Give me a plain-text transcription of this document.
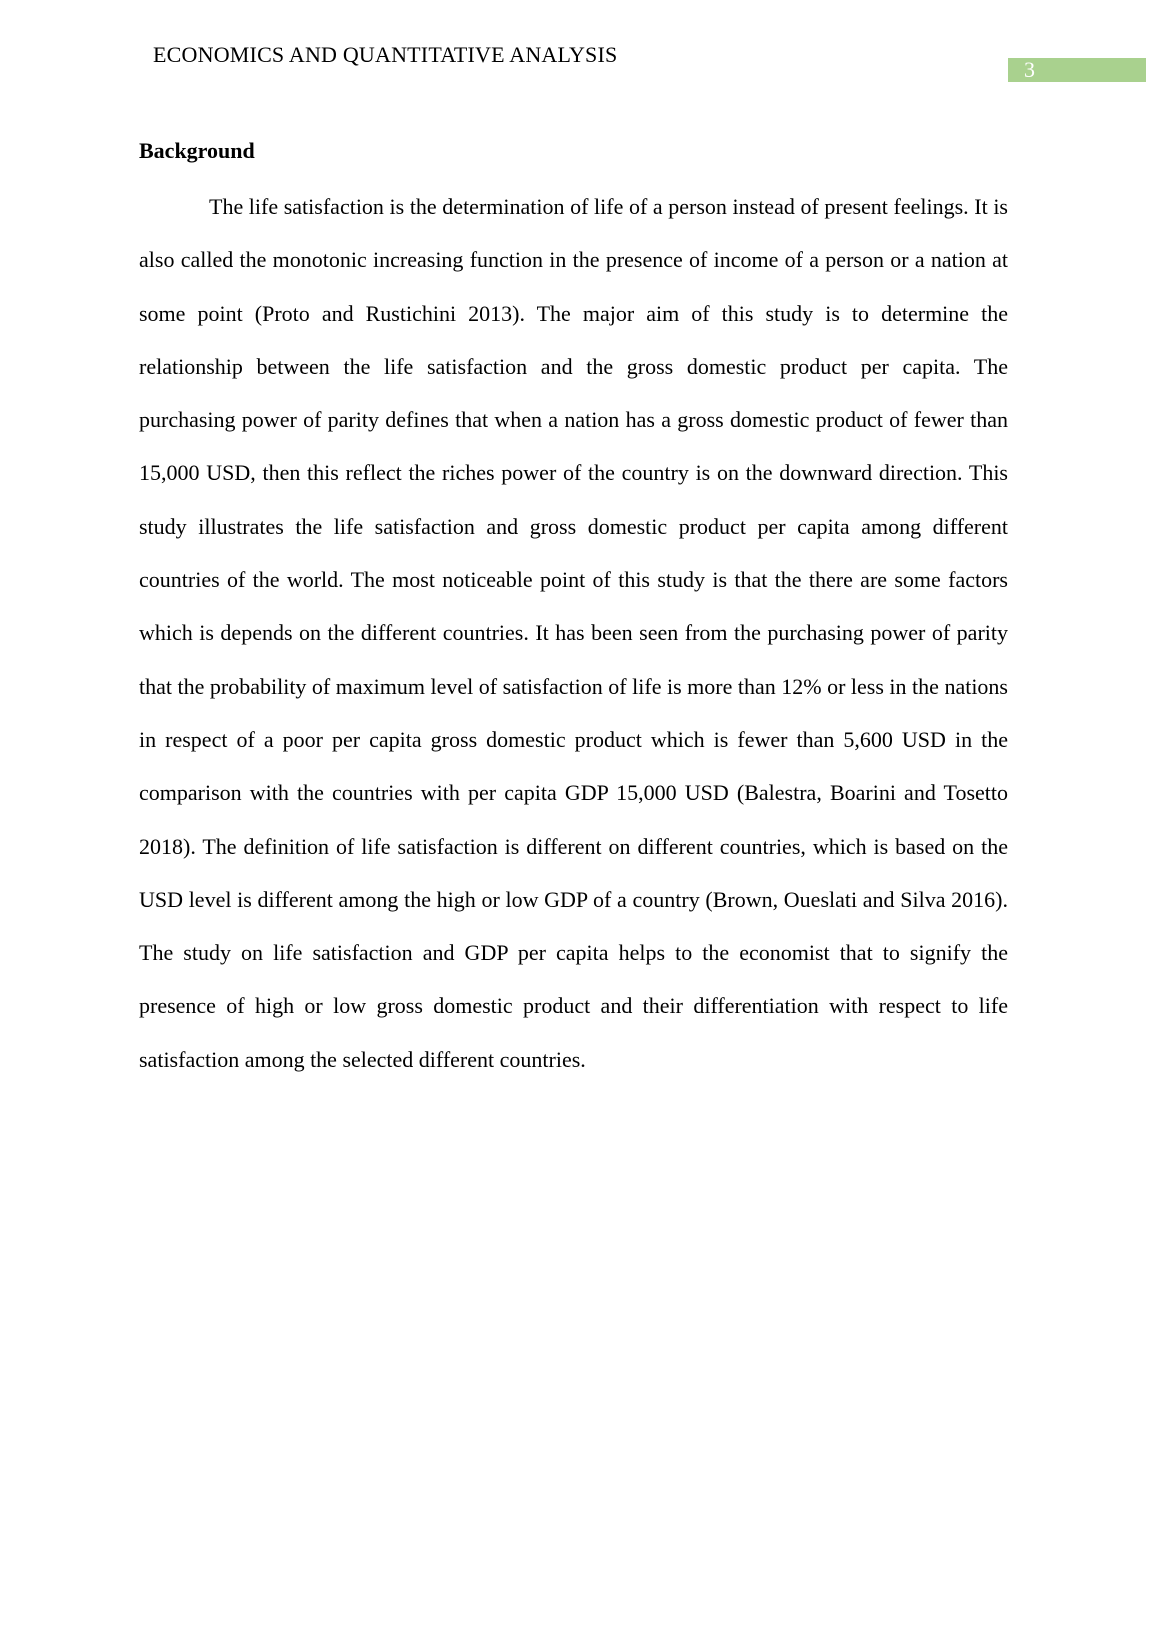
ECONOMICS AND QUANTITATIVE ANALYSIS
3
Background

The life satisfaction is the determination of life of a person instead of present feelings. It is also called the monotonic increasing function in the presence of income of a person or a nation at some point (Proto and Rustichini 2013). The major aim of this study is to determine the relationship between the life satisfaction and the gross domestic product per capita. The purchasing power of parity defines that when a nation has a gross domestic product of fewer than 15,000 USD, then this reflect the riches power of the country is on the downward direction. This study illustrates the life satisfaction and gross domestic product per capita among different countries of the world. The most noticeable point of this study is that the there are some factors which is depends on the different countries. It has been seen from the purchasing power of parity that the probability of maximum level of satisfaction of life is more than 12% or less in the nations in respect of a poor per capita gross domestic product which is fewer than 5,600 USD in the comparison with the countries with per capita GDP 15,000 USD (Balestra, Boarini and Tosetto 2018). The definition of life satisfaction is different on different countries, which is based on the USD level is different among the high or low GDP of a country (Brown, Oueslati and Silva 2016). The study on life satisfaction and GDP per capita helps to the economist that to signify the presence of high or low gross domestic product and their differentiation with respect to life satisfaction among the selected different countries.
